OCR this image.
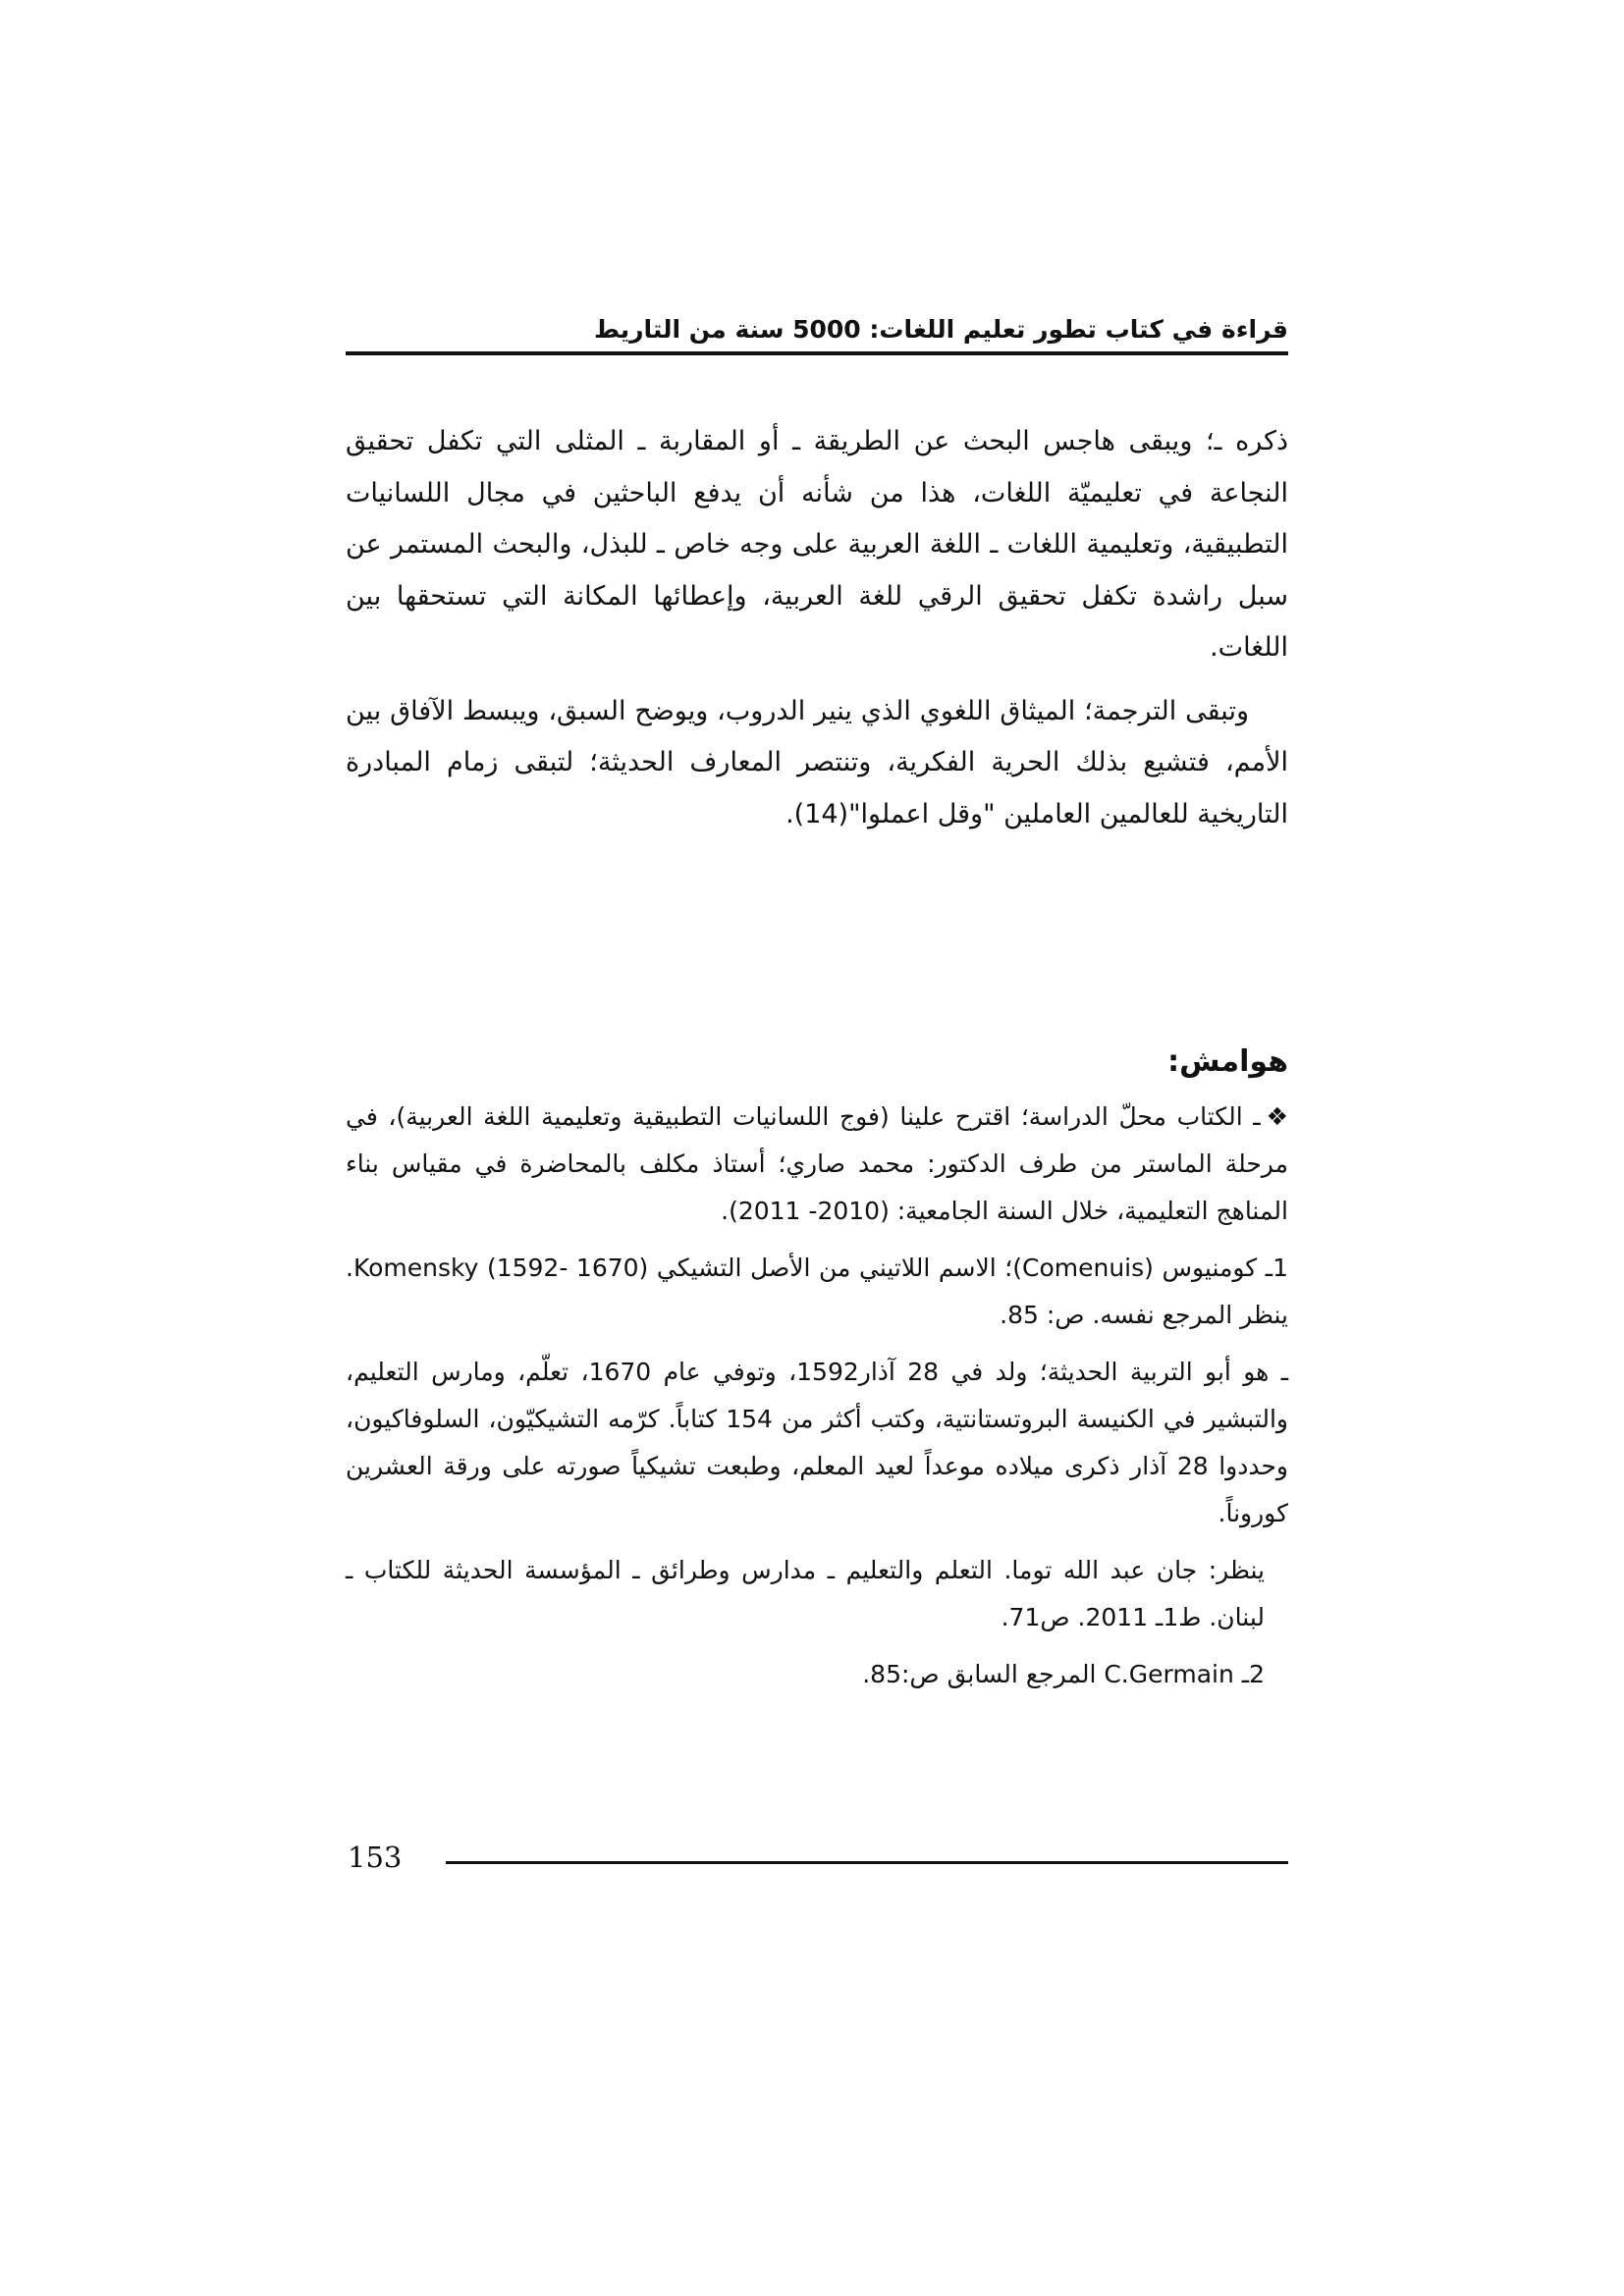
قراءة في كتاب تطور تعليم اللغات: 5000 سنة من التاريط

ذكره ـ؛ ويبقى هاجس البحث عن الطريقة ـ أو المقاربة ـ المثلى التي تكفل تحقيق النجاعة في تعليميّة اللغات، هذا من شأنه أن يدفع الباحثين في مجال اللسانيات التطبيقية، وتعليمية اللغات ـ اللغة العربية على وجه خاص ـ للبذل، والبحث المستمر عن سبل راشدة تكفل تحقيق الرقي للغة العربية، وإعطائها المكانة التي تستحقها بين اللغات.

وتبقى الترجمة؛ الميثاق اللغوي الذي ينير الدروب، ويوضح السبق، ويبسط الآفاق بين الأمم، فتشيع بذلك الحرية الفكرية، وتنتصر المعارف الحديثة؛ لتبقى زمام المبادرة التاريخية للعالمين العاملين "وقل اعملوا"(14).

هوامش:

❖ـ الكتاب محلّ الدراسة؛ اقترح علينا (فوج اللسانيات التطبيقية وتعليمية اللغة العربية)، في مرحلة الماستر من طرف الدكتور: محمد صاري؛ أستاذ مكلف بالمحاضرة في مقياس بناء المناهج التعليمية، خلال السنة الجامعية: (2010- 2011).

1ـ كومنيوس (Comenuis)؛ الاسم اللاتيني من الأصل التشيكي Komensky (1592- 1670). ينظر المرجع نفسه. ص: 85.

ـ هو أبو التربية الحديثة؛ ولد في 28 آذار1592، وتوفي عام 1670، تعلّم، ومارس التعليم، والتبشير في الكنيسة البروتستانتية، وكتب أكثر من 154 كتاباً. كرّمه التشيكيّون، السلوفاكيون، وحددوا 28 آذار ذكرى ميلاده موعداً لعيد المعلم، وطبعت تشيكياً صورته على ورقة العشرين كوروناً.

ينظر: جان عبد الله توما. التعلم والتعليم ـ مدارس وطرائق ـ المؤسسة الحديثة للكتاب ـ لبنان. ط1ـ 2011. ص71.

2ـ C.Germain المرجع السابق ص:85.

153
